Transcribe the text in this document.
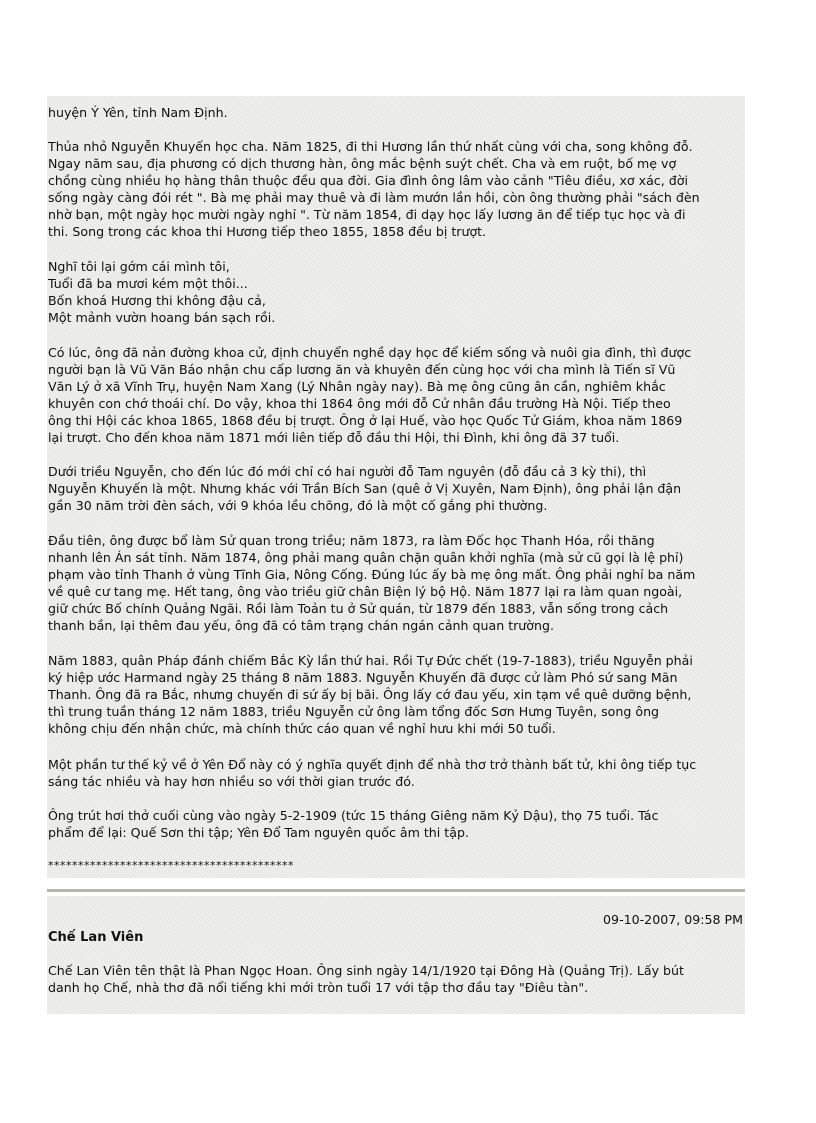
huyện Ý Yên, tỉnh Nam Định.

Thủa nhỏ Nguyễn Khuyến học cha. Năm 1825, đi thi Hương lần thứ nhất cùng với cha, song không đỗ.
Ngay năm sau, địa phương có dịch thương hàn, ông mắc bệnh suýt chết. Cha và em ruột, bố mẹ vợ
chồng cùng nhiều họ hàng thân thuộc đều qua đời. Gia đình ông lâm vào cảnh "Tiêu điều, xơ xác, đời
sống ngày càng đói rét ". Bà mẹ phải may thuê và đi làm mướn lần hồi, còn ông thường phải "sách đèn
nhờ bạn, một ngày học mười ngày nghỉ ". Từ năm 1854, đi dạy học lấy lương ăn để tiếp tục học và đi
thi. Song trong các khoa thi Hương tiếp theo 1855, 1858 đều bị trượt.

Nghĩ tôi lại gớm cái mình tôi,
Tuổi đã ba mươi kém một thôi...
Bốn khoá Hương thi không đậu cả,
Một mảnh vườn hoang bán sạch rồi.

Có lúc, ông đã nản đường khoa cử, định chuyển nghề dạy học để kiếm sống và nuôi gia đình, thì được
người bạn là Vũ Văn Báo nhận chu cấp lương ăn và khuyên đến cùng học với cha mình là Tiến sĩ Vũ
Văn Lý ở xã Vĩnh Trụ, huyện Nam Xang (Lý Nhân ngày nay). Bà mẹ ông cũng ân cần, nghiêm khắc
khuyên con chớ thoái chí. Do vậy, khoa thi 1864 ông mới đỗ Cử nhân đầu trường Hà Nội. Tiếp theo
ông thi Hội các khoa 1865, 1868 đều bị trượt. Ông ở lại Huế, vào học Quốc Tử Giám, khoa năm 1869
lại trượt. Cho đến khoa năm 1871 mới liên tiếp đỗ đầu thi Hội, thi Đình, khi ông đã 37 tuổi.

Dưới triều Nguyễn, cho đến lúc đó mới chỉ có hai người đỗ Tam nguyên (đỗ đầu cả 3 kỳ thi), thì
Nguyễn Khuyến là một. Nhưng khác với Trần Bích San (quê ở Vị Xuyên, Nam Định), ông phải lận đận
gần 30 năm trời đèn sách, với 9 khóa lều chõng, đó là một cố gắng phi thường.

Đầu tiên, ông được bổ làm Sử quan trong triều; năm 1873, ra làm Đốc học Thanh Hóa, rồi thăng
nhanh lên Án sát tỉnh. Năm 1874, ông phải mang quân chặn quân khởi nghĩa (mà sử cũ gọi là lệ phỉ)
phạm vào tỉnh Thanh ở vùng Tĩnh Gia, Nông Cống. Đúng lúc ấy bà mẹ ông mất. Ông phải nghỉ ba năm
về quê cư tang mẹ. Hết tang, ông vào triều giữ chân Biện lý bộ Hộ. Năm 1877 lại ra làm quan ngoài,
giữ chức Bố chính Quảng Ngãi. Rồi làm Toản tu ở Sử quán, từ 1879 đến 1883, vẫn sống trong cảch
thanh bần, lại thêm đau yếu, ông đã có tâm trạng chán ngán cảnh quan trường.

Năm 1883, quân Pháp đánh chiếm Bắc Kỳ lần thứ hai. Rồi Tự Đức chết (19-7-1883), triều Nguyễn phải
ký hiệp ước Harmand ngày 25 tháng 8 năm 1883. Nguyễn Khuyến đã được cử làm Phó sứ sang Mãn
Thanh. Ông đã ra Bắc, nhưng chuyến đi sứ ấy bị bãi. Ông lấy cớ đau yếu, xin tạm về quê dưỡng bệnh,
thì trung tuần tháng 12 năm 1883, triều Nguyễn cử ông làm tổng đốc Sơn Hưng Tuyên, song ông
không chịu đến nhận chức, mà chính thức cáo quan về nghỉ hưu khi mới 50 tuổi.

Một phần tư thế kỷ về ở Yên Đổ này có ý nghĩa quyết định để nhà thơ trở thành bất tử, khi ông tiếp tục
sáng tác nhiều và hay hơn nhiều so với thời gian trước đó.

Ông trút hơi thở cuối cùng vào ngày 5-2-1909 (tức 15 tháng Giêng năm Kỷ Dậu), thọ 75 tuổi. Tác
phẩm để lại: Quế Sơn thi tập; Yên Đổ Tam nguyên quốc âm thi tập.

*****************************************

09-10-2007, 09:58 PM

Chế Lan Viên

Chế Lan Viên tên thật là Phan Ngọc Hoan. Ông sinh ngày 14/1/1920 tại Đông Hà (Quảng Trị). Lấy bút
danh họ Chế, nhà thơ đã nổi tiếng khi mới tròn tuổi 17 với tập thơ đầu tay "Điêu tàn".
